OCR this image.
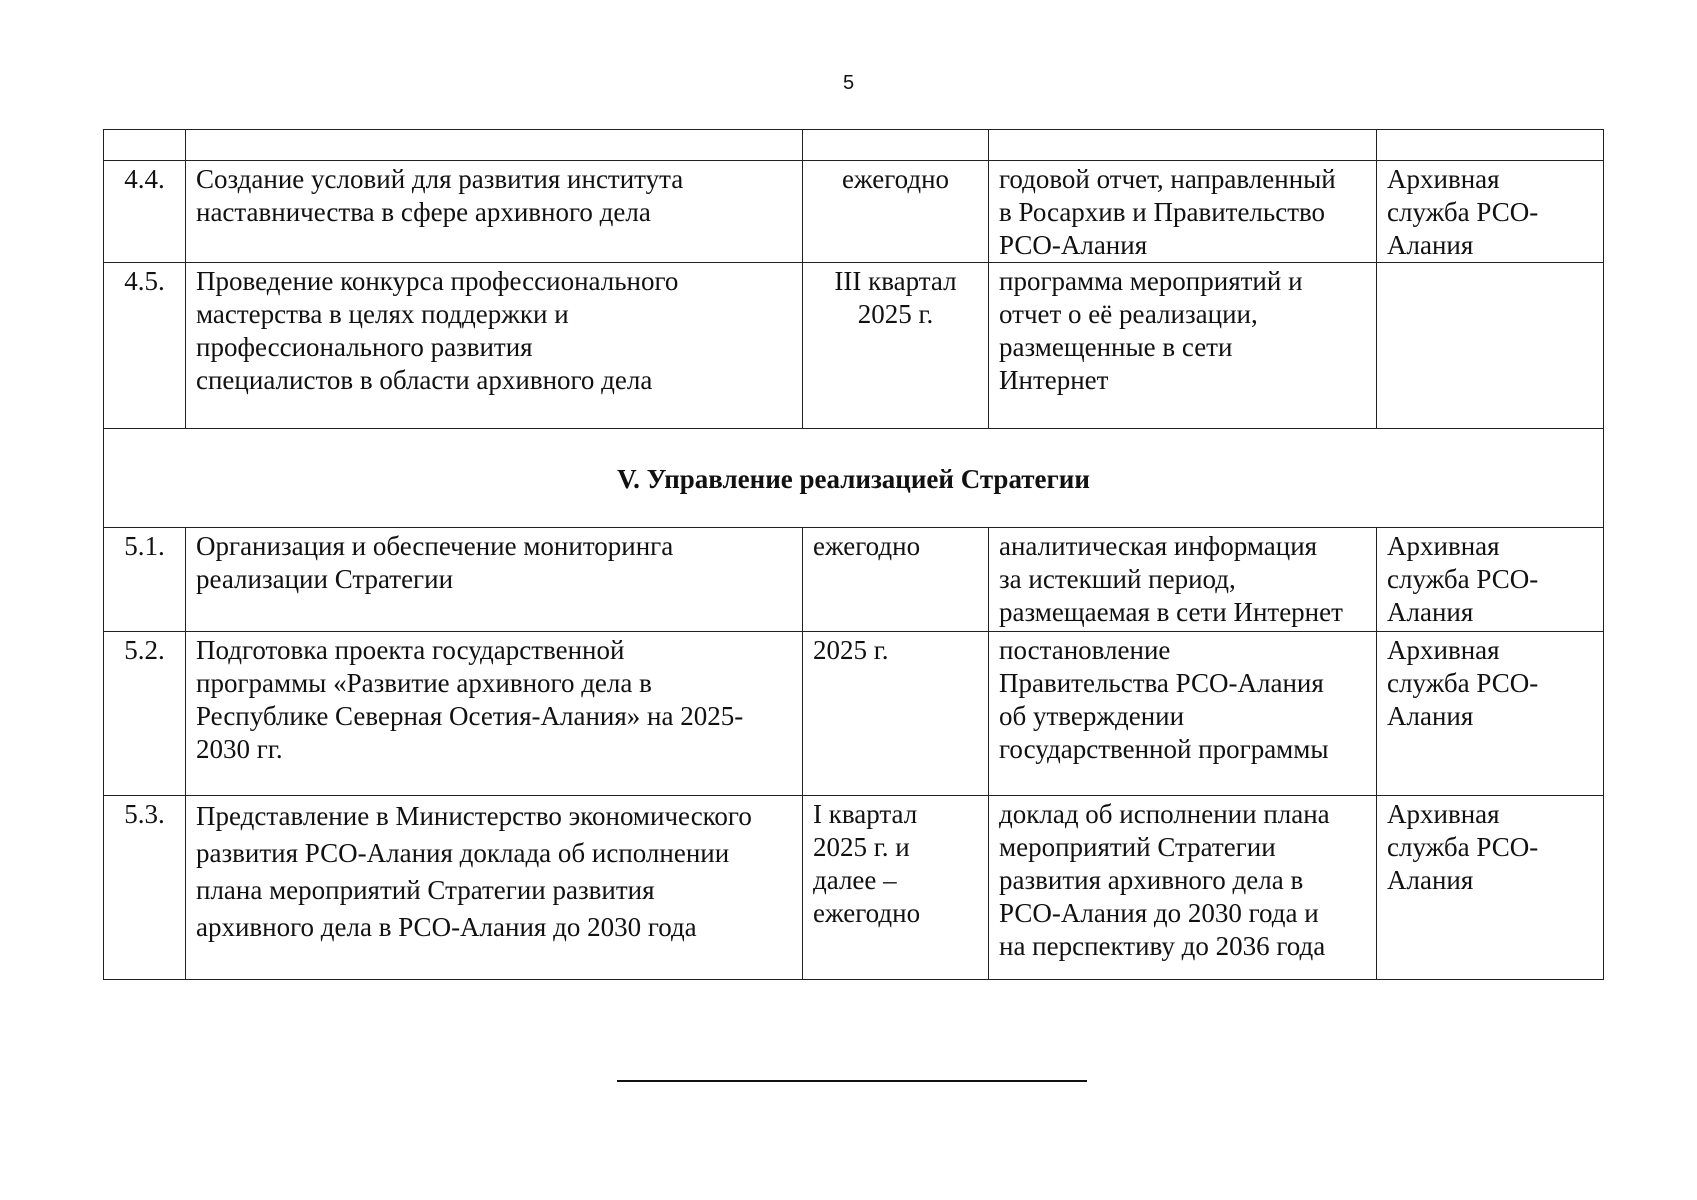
5

4.4.	Создание условий для развития института
наставничества в сфере архивного дела	ежегодно	годовой отчет, направленный
в Росархив и Правительство
РСО-Алания	Архивная
служба РСО-
Алания
4.5.	Проведение конкурса профессионального
мастерства в целях поддержки и
профессионального развития
специалистов в области архивного дела	III квартал
2025 г.	программа мероприятий и
отчет о её реализации,
размещенные в сети
Интернет	
V. Управление реализацией Стратегии				
5.1.	Организация и обеспечение мониторинга
реализации Стратегии	ежегодно	аналитическая информация
за истекший период,
размещаемая в сети Интернет	Архивная
служба РСО-
Алания
5.2.	Подготовка проекта государственной
программы «Развитие архивного дела в
Республике Северная Осетия-Алания» на 2025-
2030 гг.	2025 г.	постановление
Правительства РСО-Алания
об утверждении
государственной программы	Архивная
служба РСО-
Алания
5.3.	Представление в Министерство экономического
развития РСО-Алания доклада об исполнении
плана мероприятий Стратегии развития
архивного дела в РСО-Алания до 2030 года	I квартал
2025 г. и
далее –
ежегодно	доклад об исполнении плана
мероприятий Стратегии
развития архивного дела в
РСО-Алания до 2030 года и
на перспективу до 2036 года	Архивная
служба РСО-
Алания
